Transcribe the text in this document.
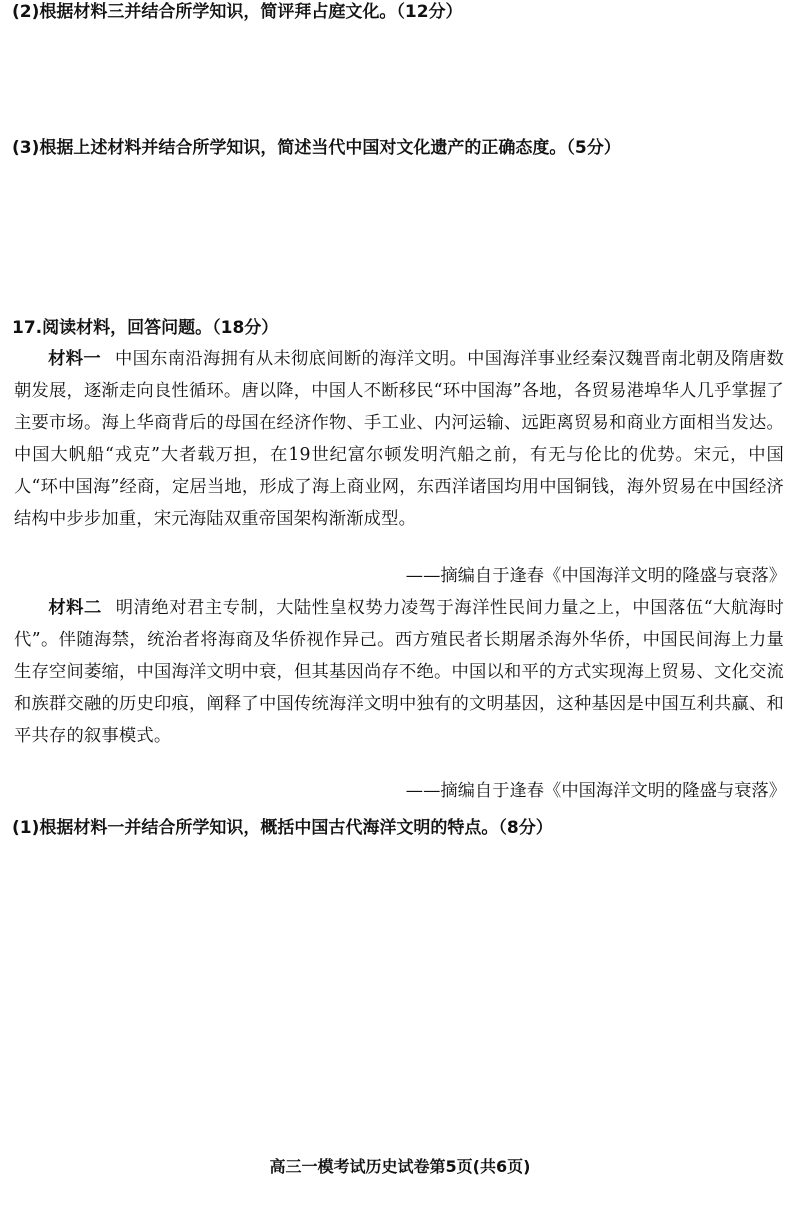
(2)根据材料三并结合所学知识，简评拜占庭文化。（12分）
(3)根据上述材料并结合所学知识，简述当代中国对文化遗产的正确态度。（5分）
17.阅读材料，回答问题。（18分）
材料一 中国东南沿海拥有从未彻底间断的海洋文明。中国海洋事业经秦汉魏晋南北朝及隋唐数朝发展，逐渐走向良性循环。唐以降，中国人不断移民“环中国海”各地，各贸易港埠华人几乎掌握了主要市场。海上华商背后的母国在经济作物、手工业、内河运输、远距离贸易和商业方面相当发达。中国大帆船“戎克”大者载万担，在19世纪富尔顿发明汽船之前，有无与伦比的优势。宋元，中国人“环中国海”经商，定居当地，形成了海上商业网，东西洋诸国均用中国铜钱，海外贸易在中国经济结构中步步加重，宋元海陆双重帝国架构渐渐成型。
——摘编自于逢春《中国海洋文明的隆盛与衰落》
材料二 明清绝对君主专制，大陆性皇权势力凌驾于海洋性民间力量之上，中国落伍“大航海时代”。伴随海禁，统治者将海商及华侨视作异己。西方殖民者长期屠杀海外华侨，中国民间海上力量生存空间萎缩，中国海洋文明中衰，但其基因尚存不绝。中国以和平的方式实现海上贸易、文化交流和族群交融的历史印痕，阐释了中国传统海洋文明中独有的文明基因，这种基因是中国互利共赢、和平共存的叙事模式。
——摘编自于逢春《中国海洋文明的隆盛与衰落》
(1)根据材料一并结合所学知识，概括中国古代海洋文明的特点。（8分）
高三一模考试历史试卷第5页(共6页)
